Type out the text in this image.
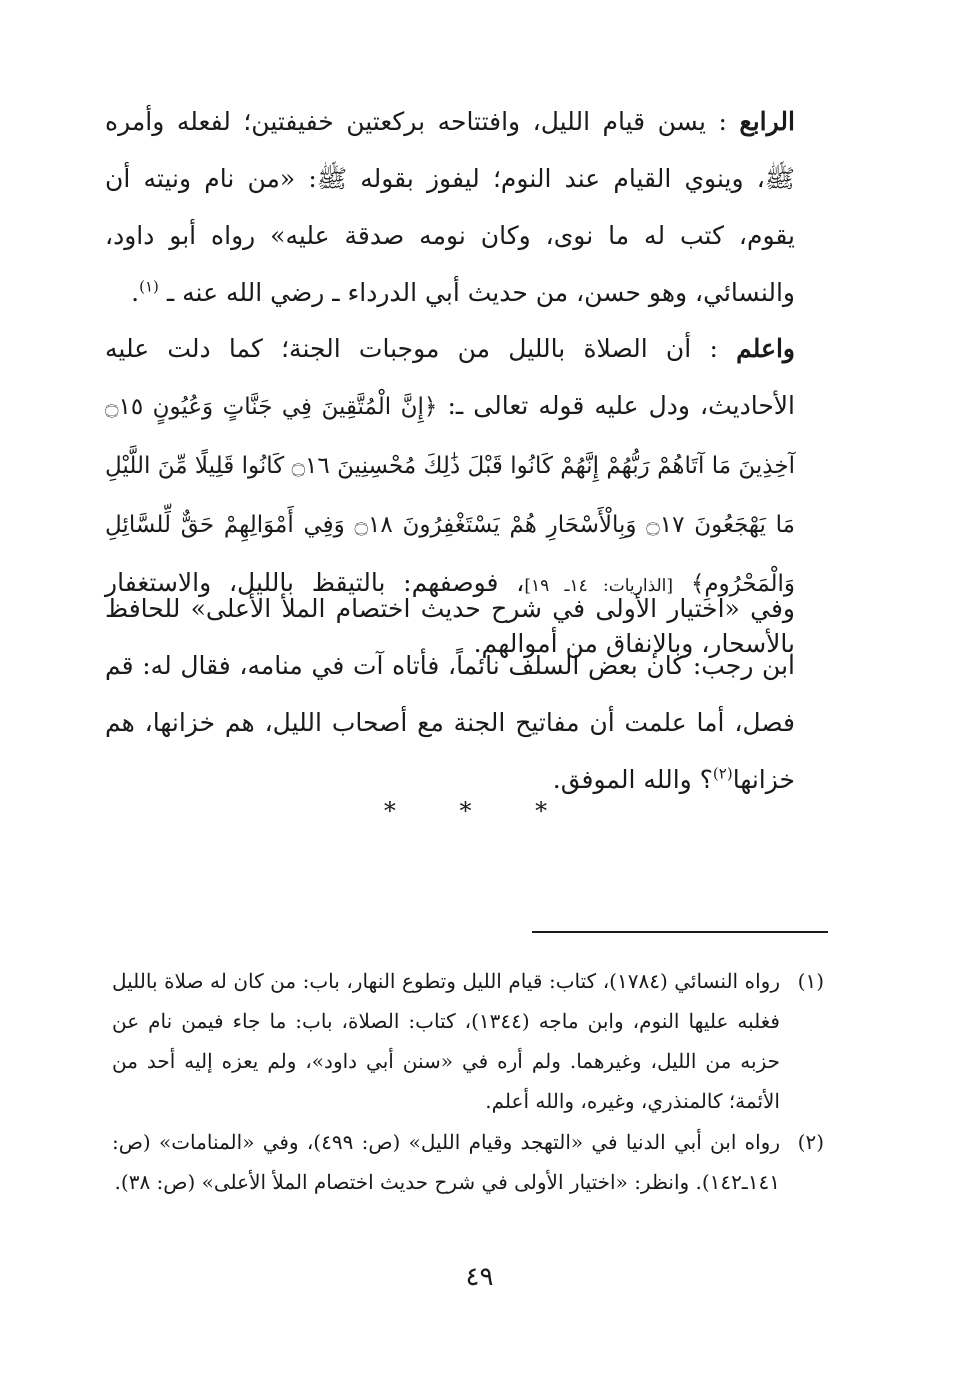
الرابع : يسن قيام الليل، وافتتاحه بركعتين خفيفتين؛ لفعله وأمره ﷺ، وينوي القيام عند النوم؛ ليفوز بقوله ﷺ: «من نام ونيته أن يقوم، كتب له ما نوى، وكان نومه صدقة عليه» رواه أبو داود، والنسائي، وهو حسن، من حديث أبي الدرداء ـ رضي الله عنه ـ $^{(١)}$.

واعلم : أن الصلاة بالليل من موجبات الجنة؛ كما دلت عليه الأحاديث، ودل عليه قوله تعالى ـ: ﴿إِنَّ الْمُتَّقِينَ فِي جَنَّاتٍ وَعُيُونٍ ۝١٥ آخِذِينَ مَا آتَاهُمْ رَبُّهُمْ إِنَّهُمْ كَانُوا قَبْلَ ذَٰلِكَ مُحْسِنِينَ ۝١٦ كَانُوا قَلِيلًا مِّنَ اللَّيْلِ مَا يَهْجَعُونَ ۝١٧ وَبِالْأَسْحَارِ هُمْ يَسْتَغْفِرُونَ ۝١٨ وَفِي أَمْوَالِهِمْ حَقٌّ لِّلسَّائِلِ وَالْمَحْرُومِ﴾ [الذاريات: ١٤ـ ١٩]، فوصفهم: بالتيقظ بالليل، والاستغفار بالأسحار، وبالإنفاق من أموالهم.

وفي «اختيار الأولى في شرح حديث اختصام الملأ الأعلى» للحافظ ابن رجب: كان بعض السلف نائماً، فأتاه آت في منامه، فقال له: قم فصل، أما علمت أن مفاتيح الجنة مع أصحاب الليل، هم خزانها، هم خزانها$^{(٢)}$؟ والله الموفق.

* * *
(١)
رواه النسائي (١٧٨٤)، كتاب: قيام الليل وتطوع النهار، باب: من كان له صلاة بالليل فغلبه عليها النوم، وابن ماجه (١٣٤٤)، كتاب: الصلاة، باب: ما جاء فيمن نام عن حزبه من الليل، وغيرهما. ولم أره في «سنن أبي داود»، ولم يعزه إليه أحد من الأئمة؛ كالمنذري، وغيره، والله أعلم.
(٢)
رواه ابن أبي الدنيا في «التهجد وقيام الليل» (ص: ٤٩٩)، وفي «المنامات» (ص: ١٤١ـ١٤٢). وانظر: «اختيار الأولى في شرح حديث اختصام الملأ الأعلى» (ص: ٣٨).
٤٩
